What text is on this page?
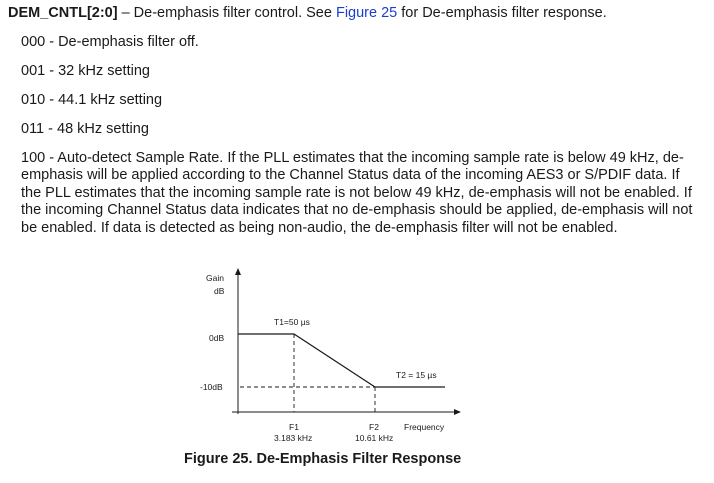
DEM_CNTL[2:0] – De-emphasis filter control. See Figure 25 for De-emphasis filter response.
000 - De-emphasis filter off.
001 - 32 kHz setting
010 - 44.1 kHz setting
011 - 48 kHz setting
100 - Auto-detect Sample Rate. If the PLL estimates that the incoming sample rate is below 49 kHz, de-
emphasis will be applied according to the Channel Status data of the incoming AES3 or S/PDIF data. If
the PLL estimates that the incoming sample rate is not below 49 kHz, de-emphasis will not be enabled. If
the incoming Channel Status data indicates that no de-emphasis should be applied, de-emphasis will not
be enabled. If data is detected as being non-audio, the de-emphasis filter will not be enabled.
Gain
dB
0dB
-10dB
T1=50 µs
T2 = 15 µs
F1
3.183 kHz
F2
10.61 kHz
Frequency
Figure 25. De-Emphasis Filter Response
